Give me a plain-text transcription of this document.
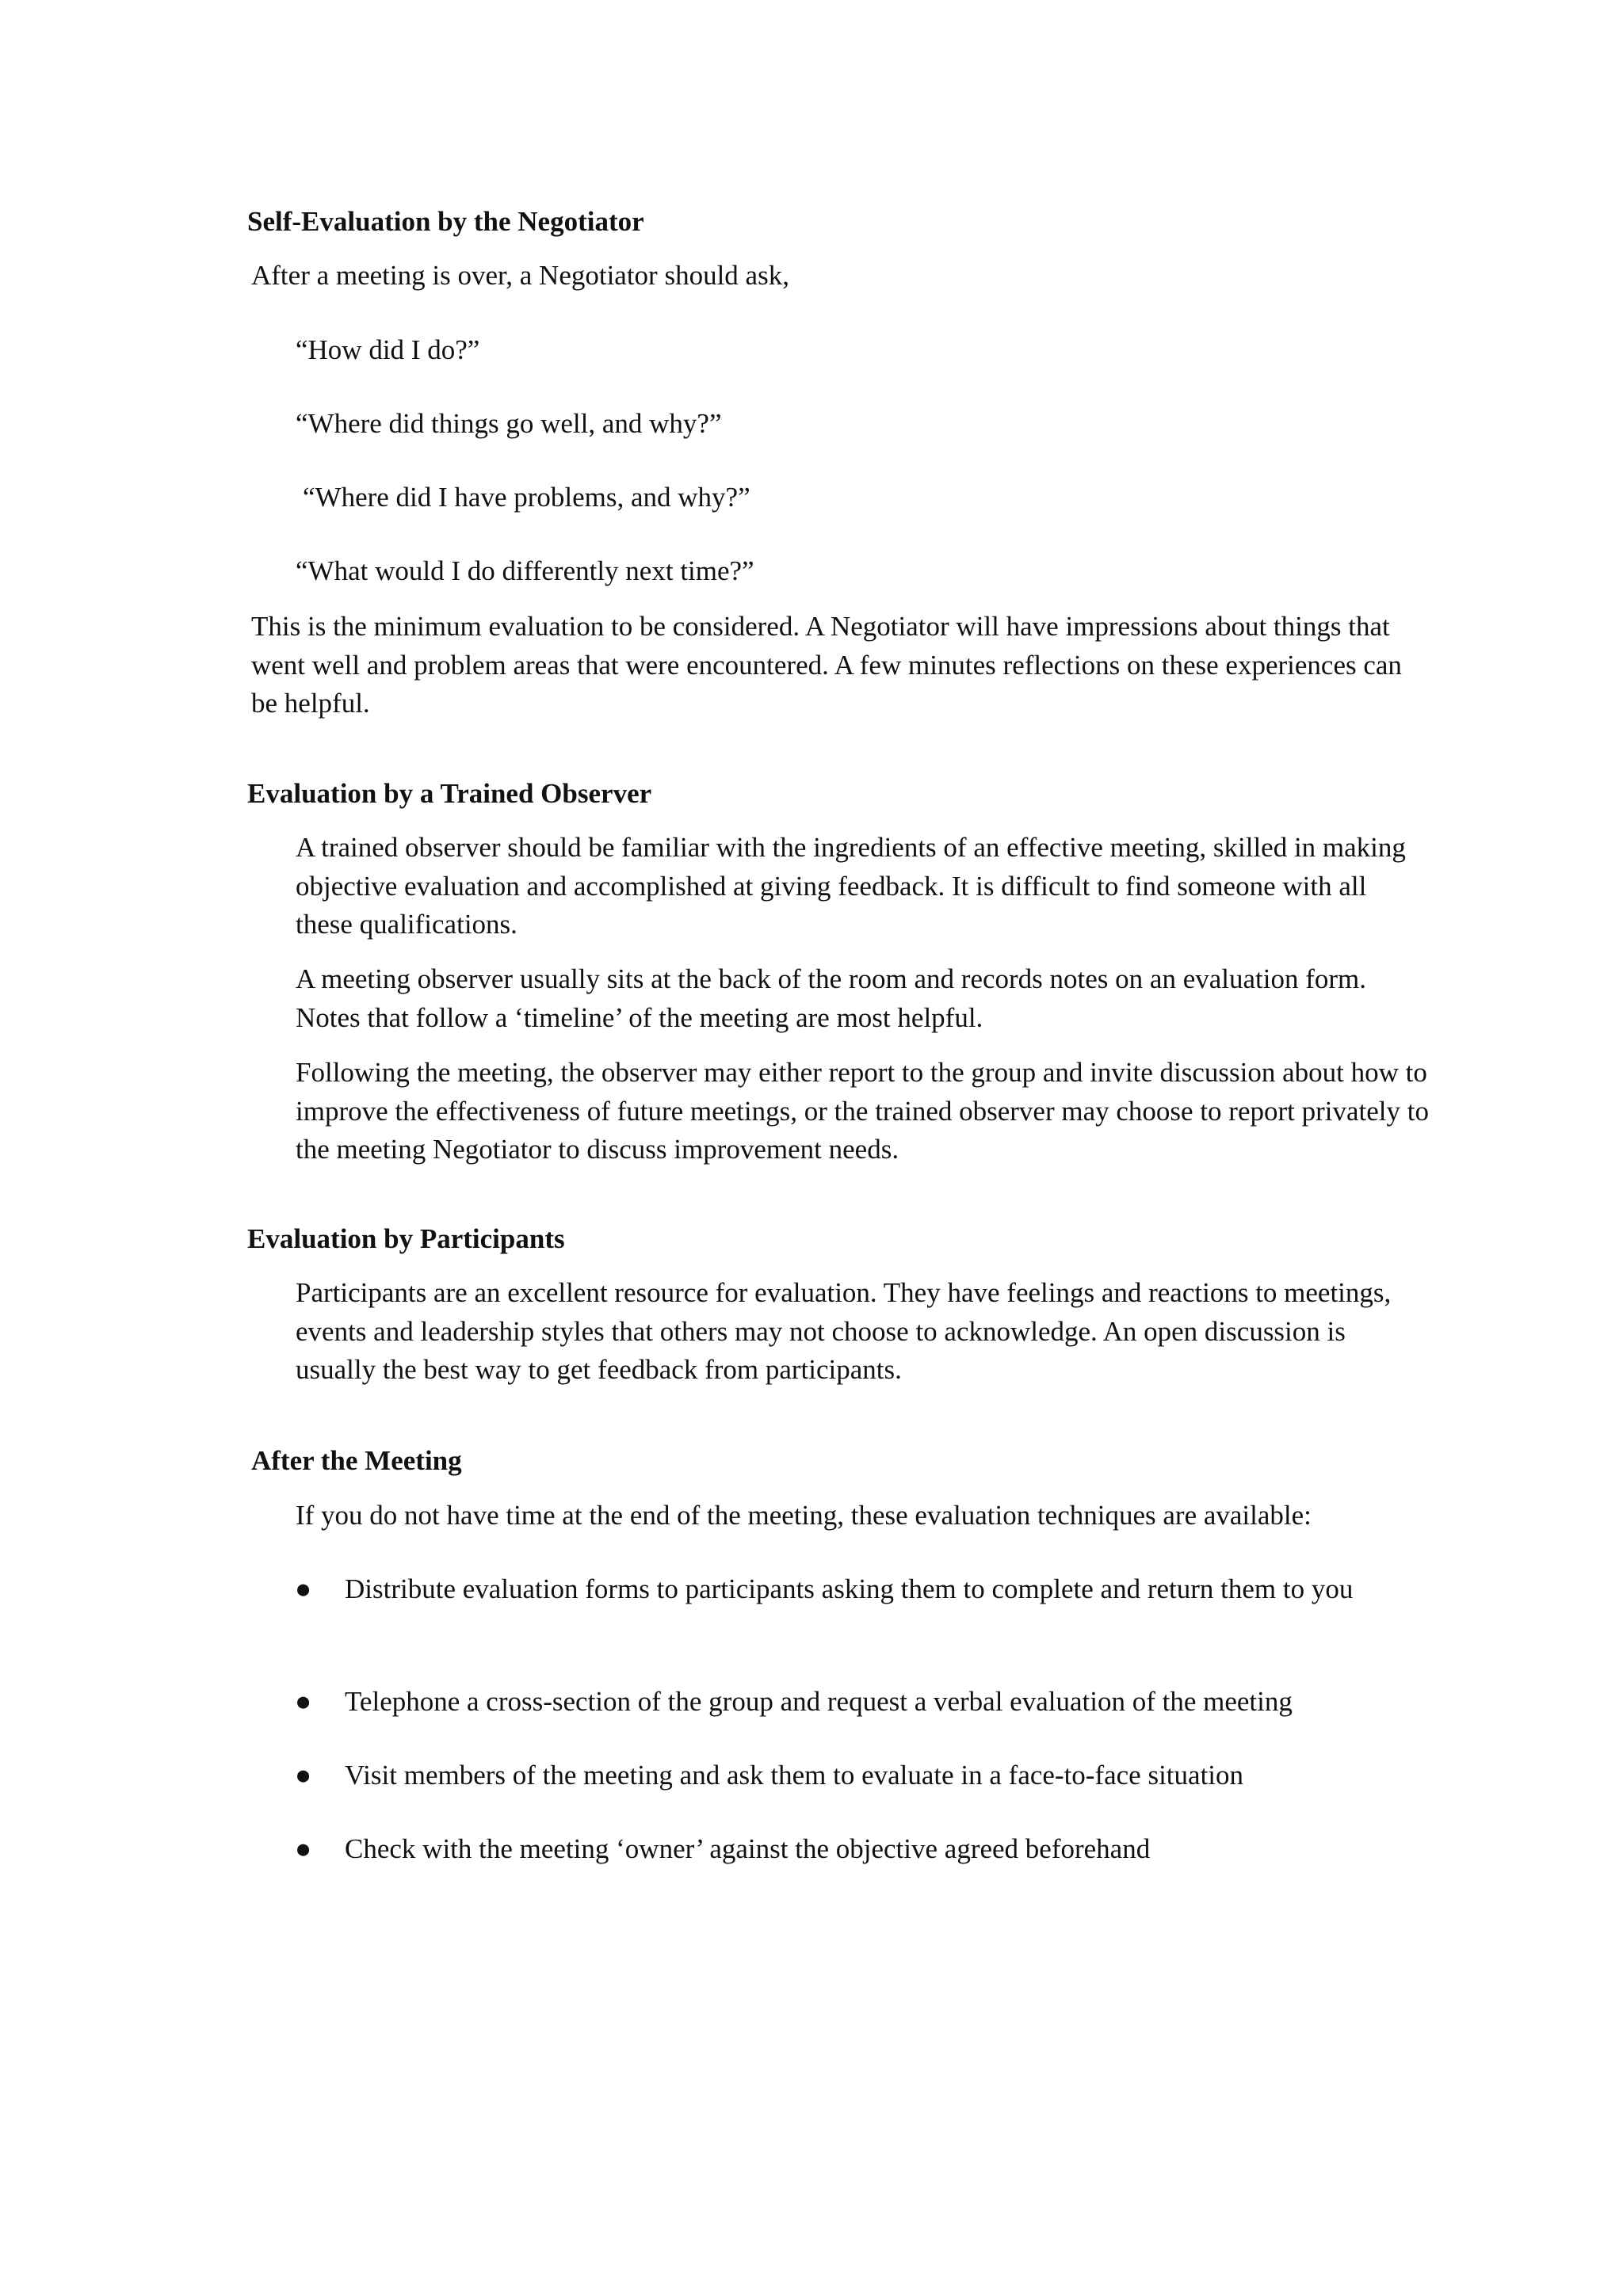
Self-Evaluation by the Negotiator

After a meeting is over, a Negotiator should ask,

“How did I do?”

“Where did things go well, and why?”

“Where did I have problems, and why?”

“What would I do differently next time?”

This is the minimum evaluation to be considered. A Negotiator will have impressions about things that went well and problem areas that were encountered. A few minutes reflections on these experiences can be helpful.

Evaluation by a Trained Observer

A trained observer should be familiar with the ingredients of an effective meeting, skilled in making objective evaluation and accomplished at giving feedback. It is difficult to find someone with all these qualifications.

A meeting observer usually sits at the back of the room and records notes on an evaluation form. Notes that follow a ‘timeline’ of the meeting are most helpful.

Following the meeting, the observer may either report to the group and invite discussion about how to improve the effectiveness of future meetings, or the trained observer may choose to report privately to the meeting Negotiator to discuss improvement needs.

Evaluation by Participants

Participants are an excellent resource for evaluation. They have feelings and reactions to meetings, events and leadership styles that others may not choose to acknowledge. An open discussion is usually the best way to get feedback from participants.

After the Meeting

If you do not have time at the end of the meeting, these evaluation techniques are available:

● Distribute evaluation forms to participants asking them to complete and return them to you

● Telephone a cross-section of the group and request a verbal evaluation of the meeting

● Visit members of the meeting and ask them to evaluate in a face-to-face situation

● Check with the meeting ‘owner’ against the objective agreed beforehand
